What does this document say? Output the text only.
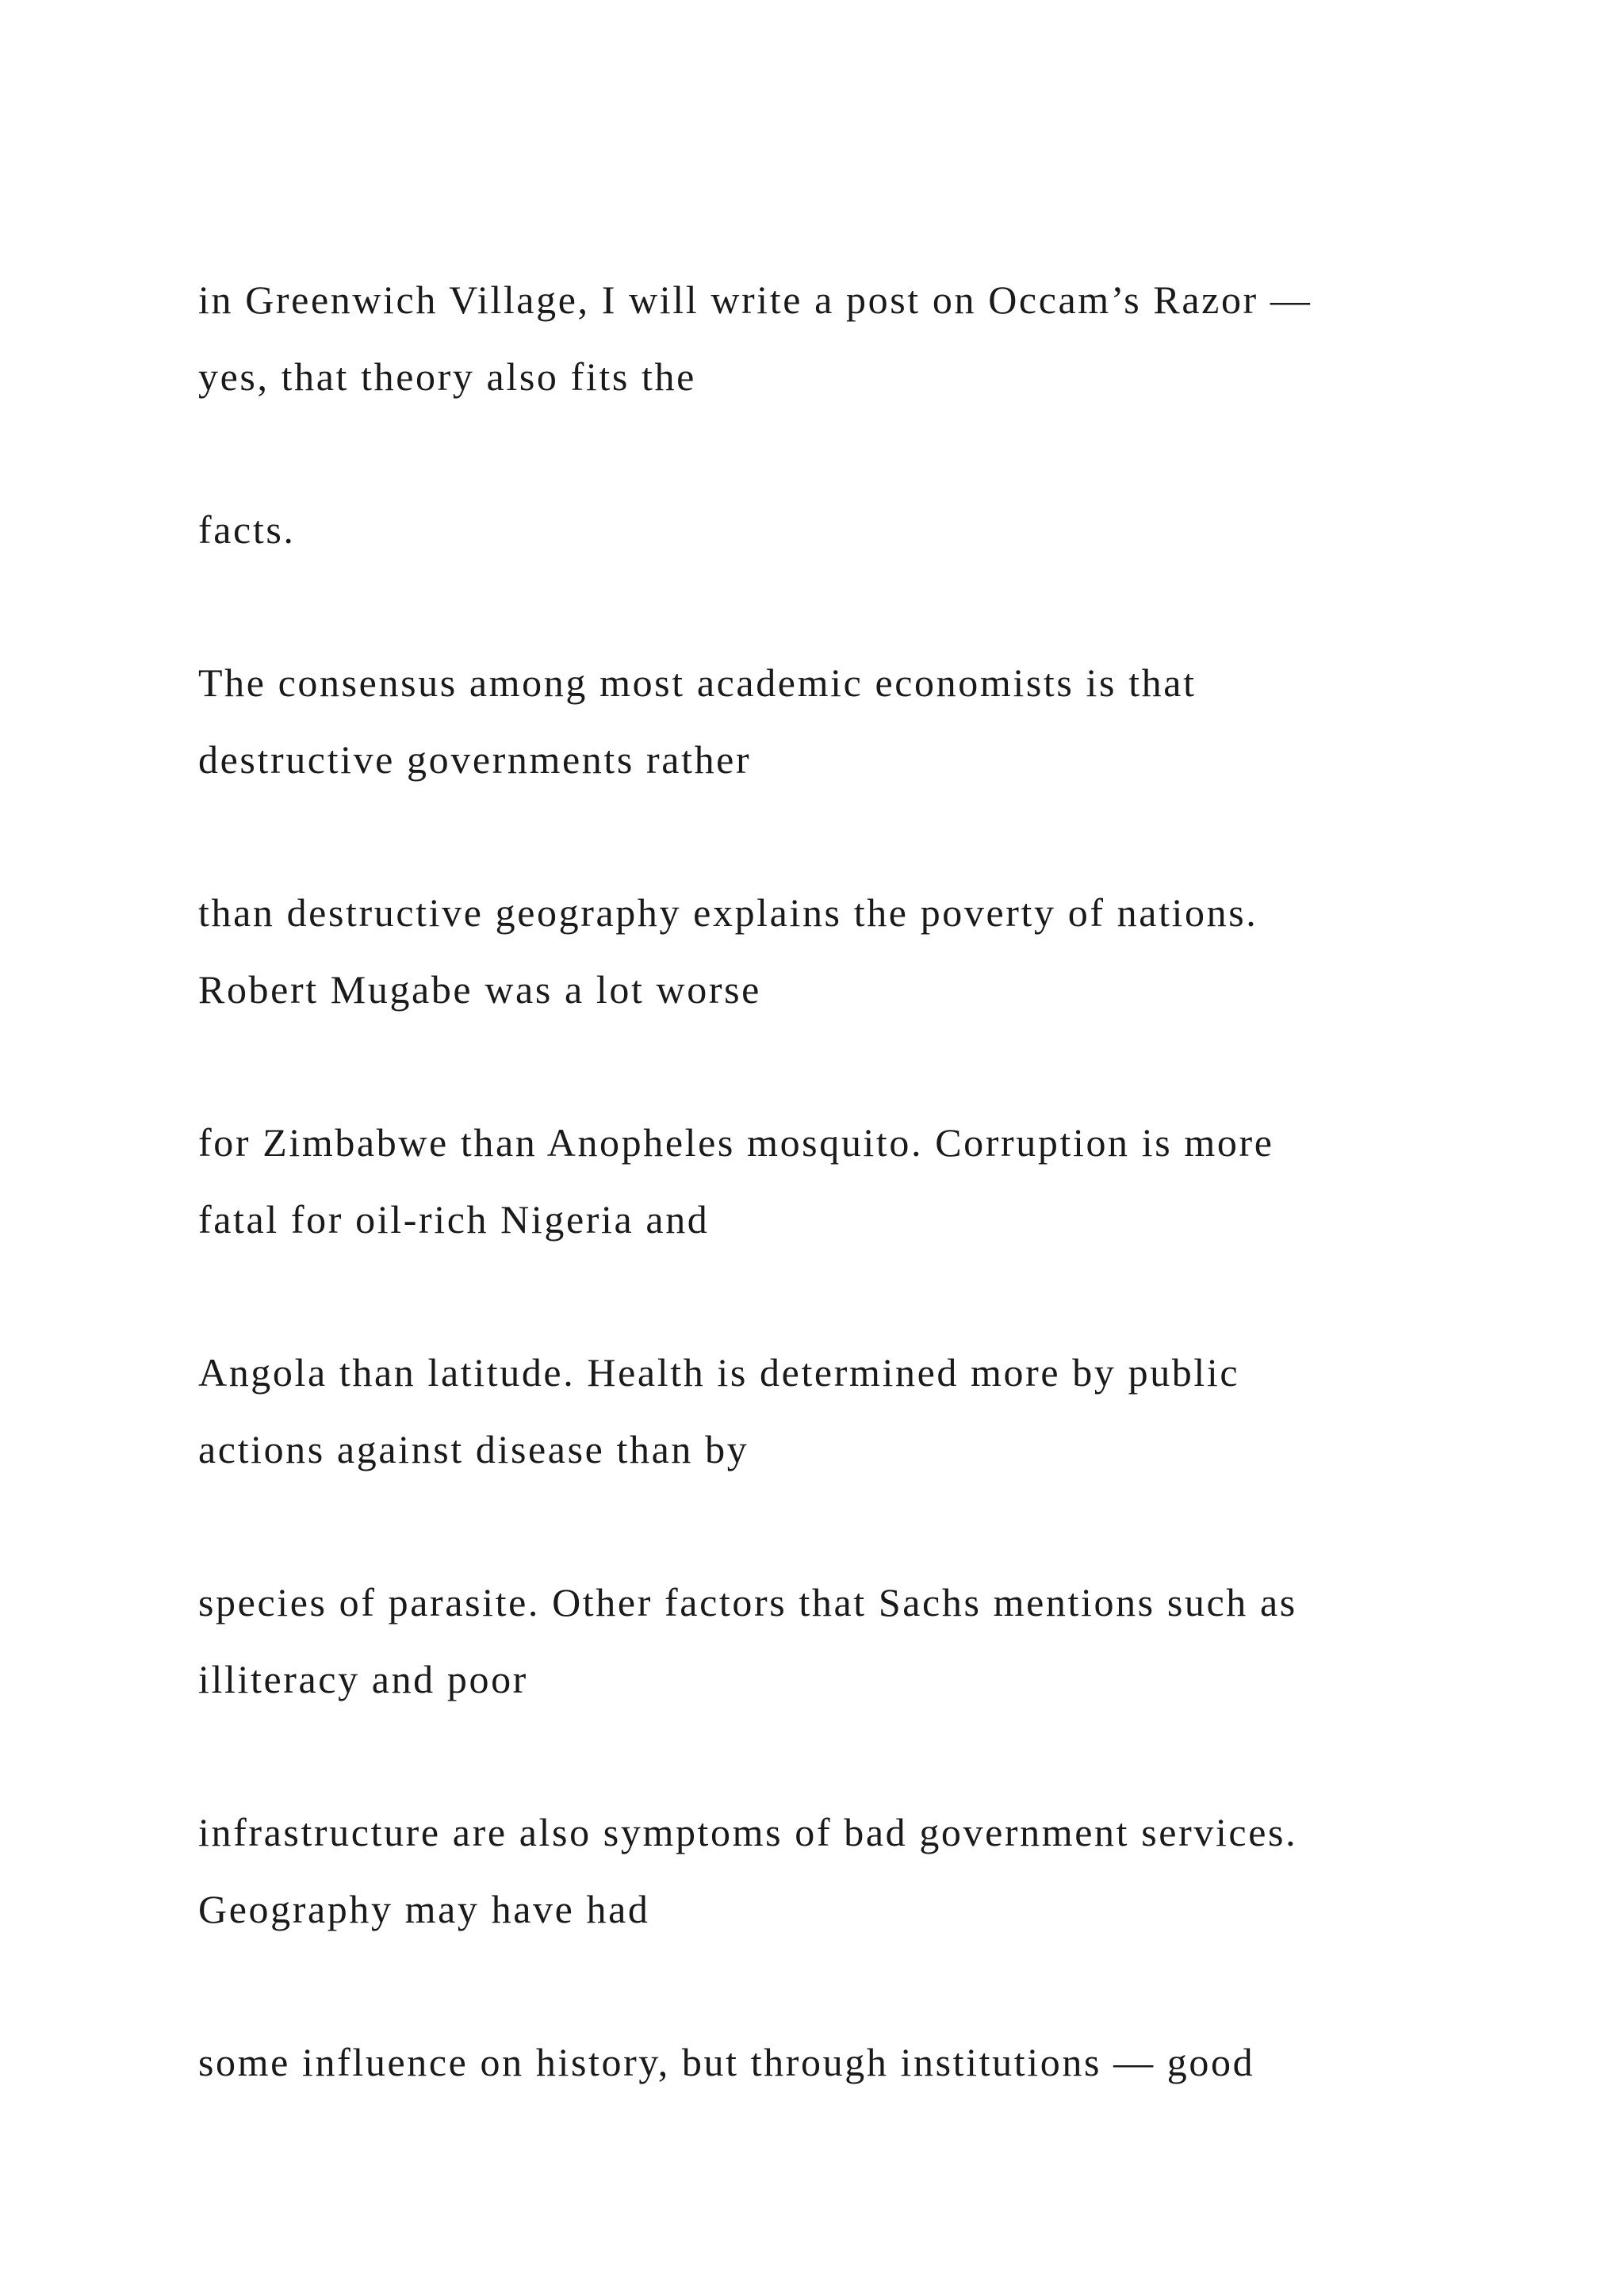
in Greenwich Village, I will write a post on Occam’s Razor —
yes, that theory also fits the

facts.

The consensus among most academic economists is that
destructive governments rather

than destructive geography explains the poverty of nations.
Robert Mugabe was a lot worse

for Zimbabwe than Anopheles mosquito. Corruption is more
fatal for oil-rich Nigeria and

Angola than latitude. Health is determined more by public
actions against disease than by

species of parasite. Other factors that Sachs mentions such as
illiteracy and poor

infrastructure are also symptoms of bad government services.
Geography may have had

some influence on history, but through institutions — good
